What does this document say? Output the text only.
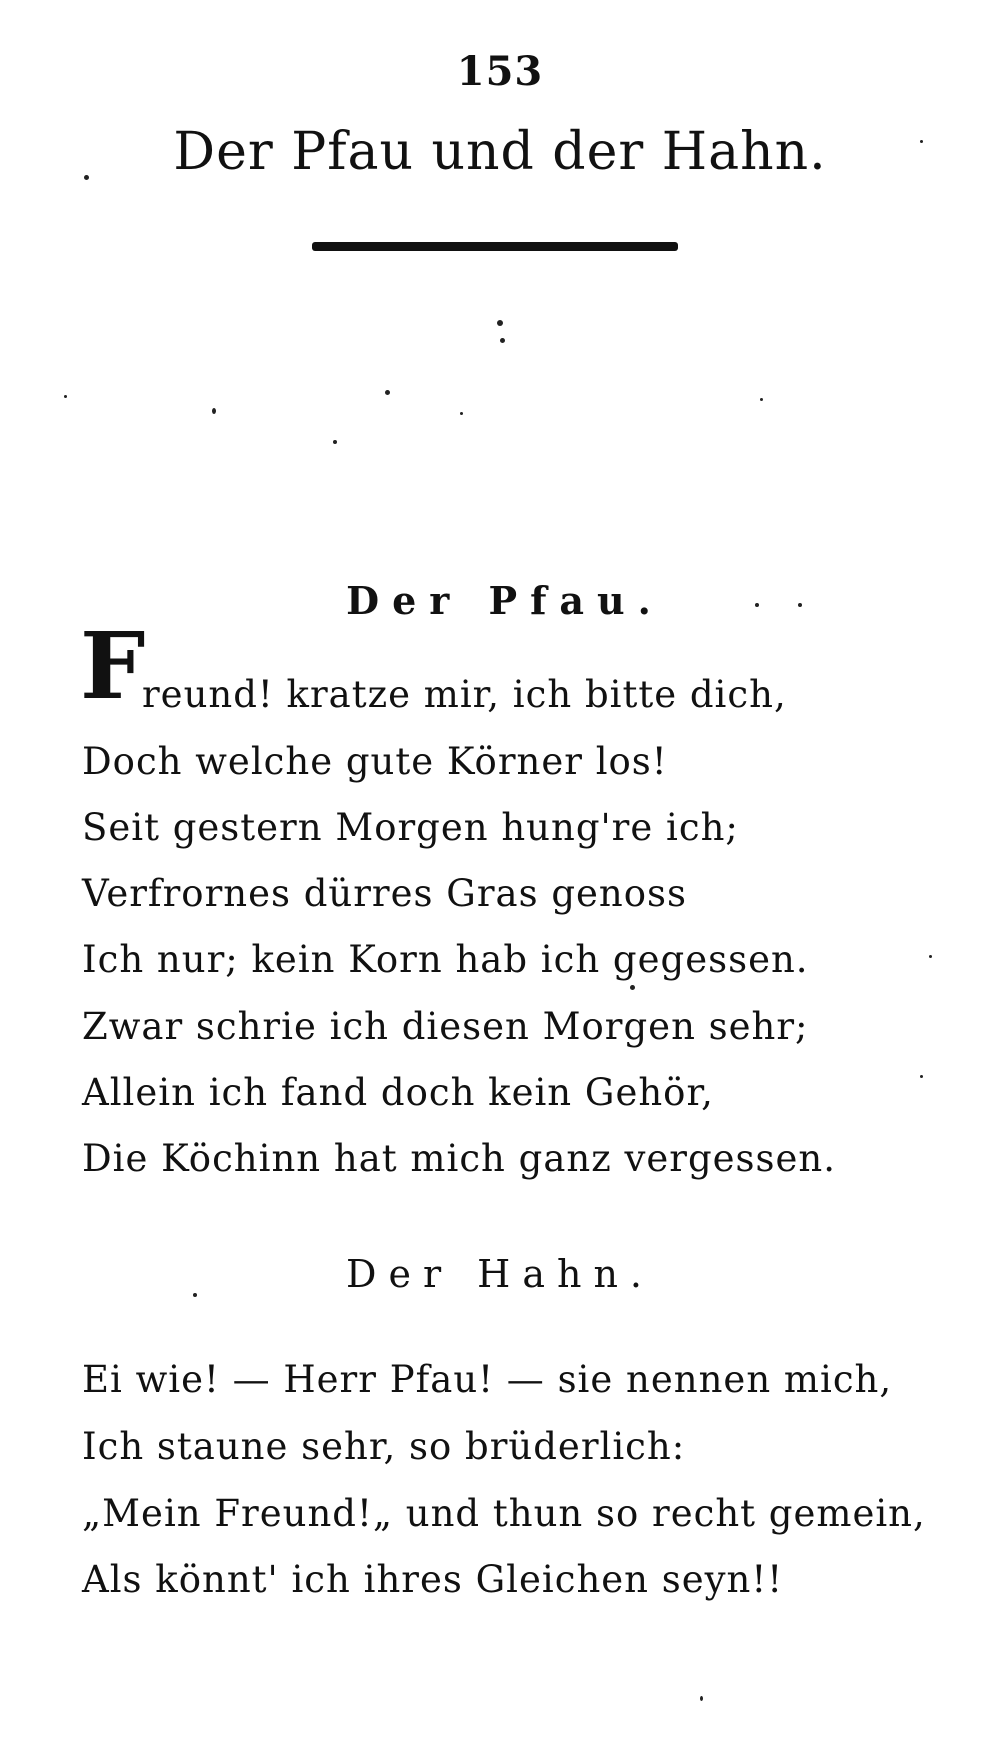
153
Der Pfau und der Hahn.
Der Pfau.
F
reund! kratze mir, ich bitte dich,
Doch welche gute Körner los!
Seit gestern Morgen hung're ich;
Verfrornes dürres Gras genoss
Ich nur; kein Korn hab ich gegessen.
Zwar schrie ich diesen Morgen sehr;
Allein ich fand doch kein Gehör,
Die Köchinn hat mich ganz vergessen.
Der Hahn.
Ei wie! — Herr Pfau! — sie nennen mich,
Ich staune sehr, so brüderlich:
„Mein Freund!„ und thun so recht gemein,
Als könnt' ich ihres Gleichen seyn!!
